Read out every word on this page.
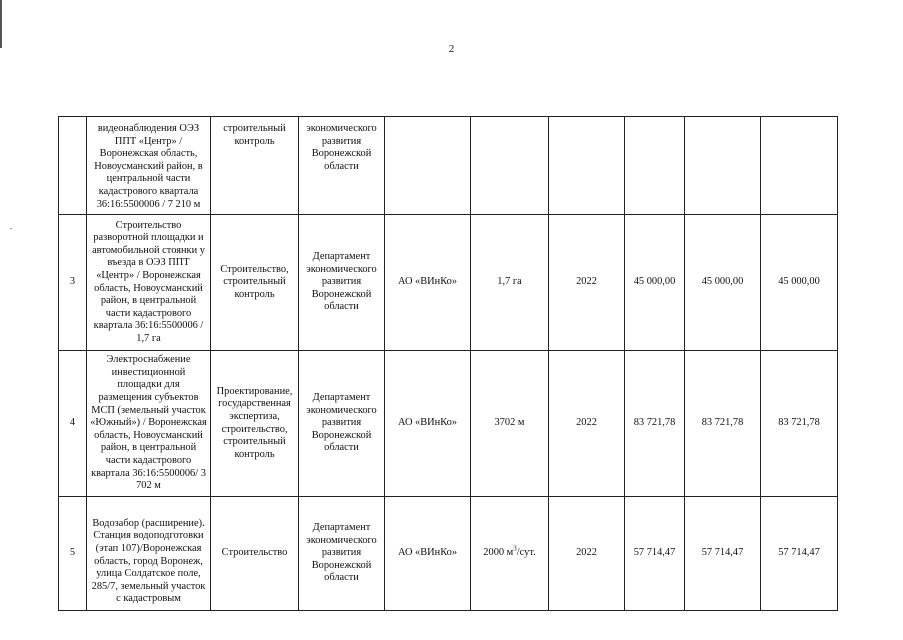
2
	видеонаблюдения ОЭЗ ППТ «Центр» / Воронежская область, Новоусманский район, в центральной части кадастрового квартала 36:16:5500006 / 7 210 м	строительный контроль	экономического развития Воронежской области						
3	Строительство разворотной площадки и автомобильной стоянки у въезда в ОЭЗ ППТ «Центр» / Воронежская область, Новоусманский район, в центральной части кадастрового квартала 36:16:5500006 / 1,7 га	Строительство, строительный контроль	Департамент экономического развития Воронежской области	АО «ВИнКо»	1,7 га	2022	45 000,00	45 000,00	45 000,00
4	Электроснабжение инвестиционной площадки для размещения субъектов МСП (земельный участок «Южный») / Воронежская область, Новоусманский район, в центральной части кадастрового квартала 36:16:5500006/ 3 702 м	Проектирование, государственная экспертиза, строительство, строительный контроль	Департамент экономического развития Воронежской области	АО «ВИнКо»	3702 м	2022	83 721,78	83 721,78	83 721,78
5	Водозабор (расширение). Станция водоподготовки (этап 107)/Воронежская область, город Воронеж, улица Солдатское поле, 285/7, земельный участок с кадастровым	Строительство	Департамент экономического развития Воронежской области	АО «ВИнКо»	2000 $м^3$/сут.	2022	57 714,47	57 714,47	57 714,47
